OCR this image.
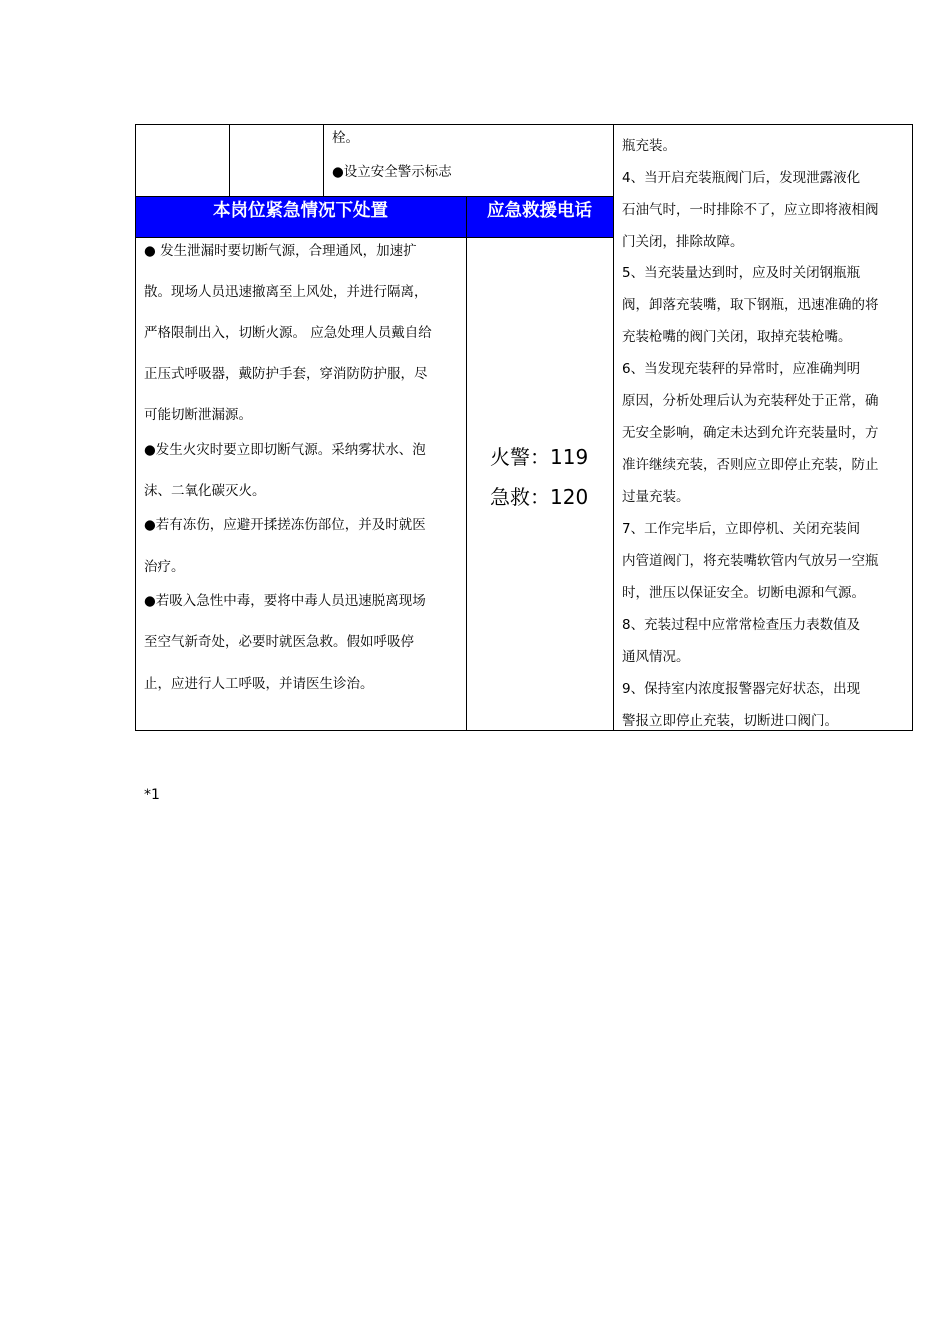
栓。
●设立安全警示标志
本岗位紧急情况下处置	应急救援电话
● 发生泄漏时要切断气源，合理通风，加速扩
散。现场人员迅速撤离至上风处，并进行隔离，
严格限制出入，切断火源。 应急处理人员戴自给
正压式呼吸器，戴防护手套，穿消防防护服，尽
可能切断泄漏源。
●发生火灾时要立即切断气源。采纳雾状水、泡
沫、二氧化碳灭火。
●若有冻伤，应避开揉搓冻伤部位，并及时就医
治疗。
●若吸入急性中毒，要将中毒人员迅速脱离现场
至空气新奇处，必要时就医急救。假如呼吸停
止，应进行人工呼吸，并请医生诊治。
火警：119
急救：120
瓶充装。
4、当开启充装瓶阀门后，发现泄露液化
石油气时，一时排除不了，应立即将液相阀
门关闭，排除故障。
5、当充装量达到时，应及时关闭钢瓶瓶
阀，卸落充装嘴，取下钢瓶，迅速准确的将
充装枪嘴的阀门关闭，取掉充装枪嘴。
6、当发现充装秤的异常时，应准确判明
原因，分析处理后认为充装秤处于正常，确
无安全影响，确定未达到允许充装量时，方
准许继续充装，否则应立即停止充装，防止
过量充装。
7、工作完毕后，立即停机、关闭充装间
内管道阀门，将充装嘴软管内气放另一空瓶
时，泄压以保证安全。切断电源和气源。
8、充装过程中应常常检查压力表数值及
通风情况。
9、保持室内浓度报警器完好状态，出现
警报立即停止充装，切断进口阀门。
*1
